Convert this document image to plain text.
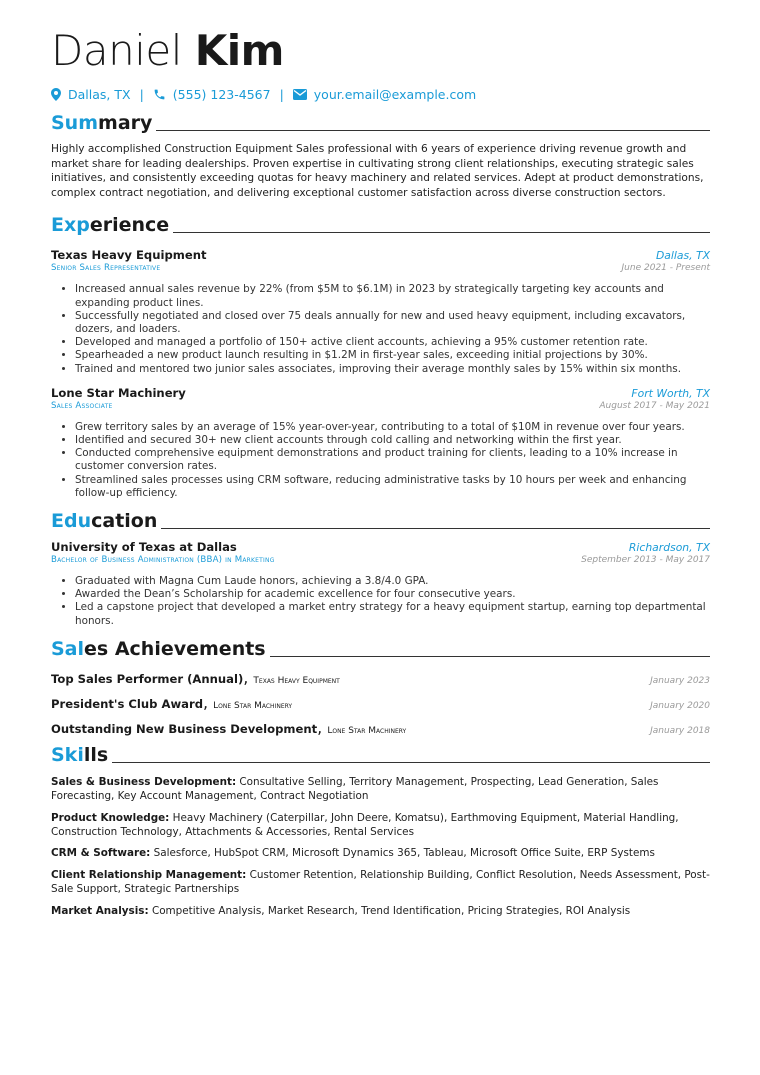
Daniel Kim
Dallas, TX | (555) 123-4567 | your.email@example.com
Summary

Highly accomplished Construction Equipment Sales professional with 6 years of experience driving revenue growth and market share for leading dealerships. Proven expertise in cultivating strong client relationships, executing strategic sales initiatives, and consistently exceeding quotas for heavy machinery and related services. Adept at product demonstrations, complex contract negotiation, and delivering exceptional customer satisfaction across diverse construction sectors.

Experience
Texas Heavy Equipment	Dallas, TX
Senior Sales Representative	June 2021 - Present
• Increased annual sales revenue by 22% (from $5M to $6.1M) in 2023 by strategically targeting key accounts and expanding product lines.
• Successfully negotiated and closed over 75 deals annually for new and used heavy equipment, including excavators, dozers, and loaders.
• Developed and managed a portfolio of 150+ active client accounts, achieving a 95% customer retention rate.
• Spearheaded a new product launch resulting in $1.2M in first-year sales, exceeding initial projections by 30%.
• Trained and mentored two junior sales associates, improving their average monthly sales by 15% within six months.
Lone Star Machinery	Fort Worth, TX
Sales Associate	August 2017 - May 2021
• Grew territory sales by an average of 15% year-over-year, contributing to a total of $10M in revenue over four years.
• Identified and secured 30+ new client accounts through cold calling and networking within the first year.
• Conducted comprehensive equipment demonstrations and product training for clients, leading to a 10% increase in customer conversion rates.
• Streamlined sales processes using CRM software, reducing administrative tasks by 10 hours per week and enhancing follow-up efficiency.
Education
University of Texas at Dallas	Richardson, TX
Bachelor of Business Administration (BBA) in Marketing	September 2013 - May 2017
• Graduated with Magna Cum Laude honors, achieving a 3.8/4.0 GPA.
• Awarded the Dean’s Scholarship for academic excellence for four consecutive years.
• Led a capstone project that developed a market entry strategy for a heavy equipment startup, earning top departmental honors.
Sales Achievements
Top Sales Performer (Annual), Texas Heavy Equipment	January 2023
President's Club Award, Lone Star Machinery	January 2020
Outstanding New Business Development, Lone Star Machinery	January 2018
Skills
Sales & Business Development: Consultative Selling, Territory Management, Prospecting, Lead Generation, Sales Forecasting, Key Account Management, Contract Negotiation
Product Knowledge: Heavy Machinery (Caterpillar, John Deere, Komatsu), Earthmoving Equipment, Material Handling, Construction Technology, Attachments & Accessories, Rental Services
CRM & Software: Salesforce, HubSpot CRM, Microsoft Dynamics 365, Tableau, Microsoft Office Suite, ERP Systems
Client Relationship Management: Customer Retention, Relationship Building, Conflict Resolution, Needs Assessment, Post-Sale Support, Strategic Partnerships
Market Analysis: Competitive Analysis, Market Research, Trend Identification, Pricing Strategies, ROI Analysis
